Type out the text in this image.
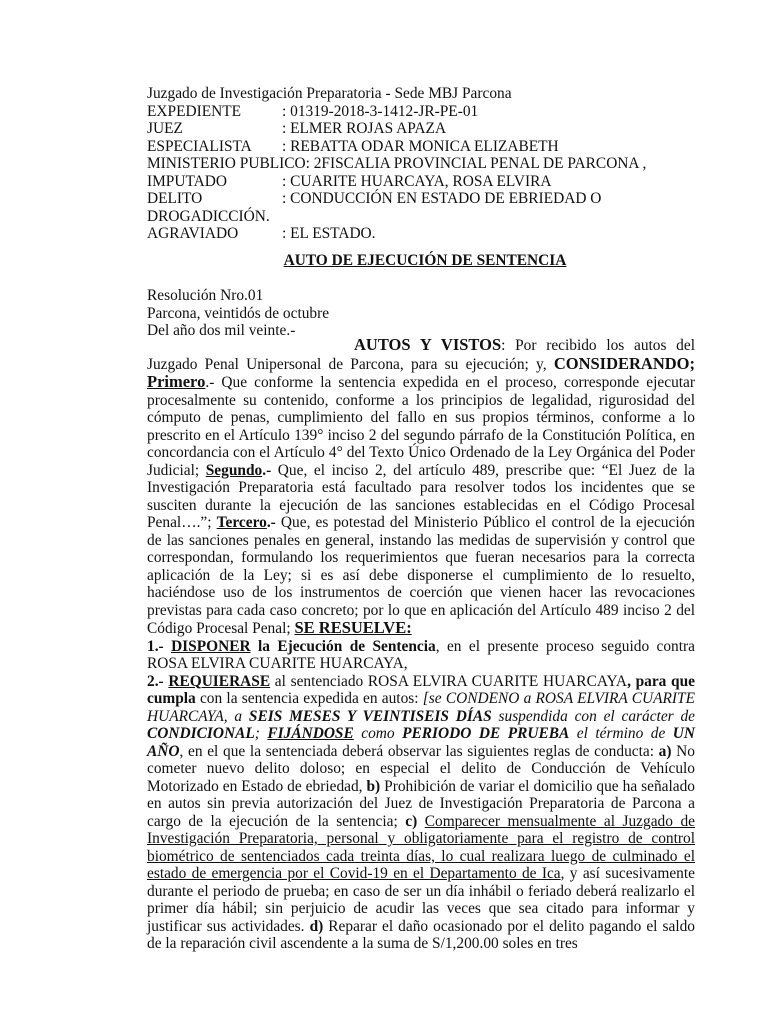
Juzgado de Investigación Preparatoria - Sede MBJ Parcona
EXPEDIENTE	: 01319-2018-3-1412-JR-PE-01
JUEZ	: ELMER ROJAS APAZA
ESPECIALISTA	: REBATTA ODAR MONICA ELIZABETH
MINISTERIO PUBLICO: 2FISCALIA PROVINCIAL PENAL DE PARCONA ,
IMPUTADO	: CUARITE HUARCAYA, ROSA ELVIRA
DELITO	: CONDUCCIÓN EN ESTADO DE EBRIEDAD O
DROGADICCIÓN.
AGRAVIADO	: EL ESTADO.
AUTO DE EJECUCIÓN DE SENTENCIA
Resolución Nro.01
Parcona, veintidós de octubre
Del año dos mil veinte.-

AUTOS Y VISTOS: Por recibido los autos del Juzgado Penal Unipersonal de Parcona, para su ejecución; y, CONSIDERANDO; Primero.- Que conforme la sentencia expedida en el proceso, corresponde ejecutar procesalmente su contenido, conforme a los principios de legalidad, rigurosidad del cómputo de penas, cumplimiento del fallo en sus propios términos, conforme a lo prescrito en el Artículo 139° inciso 2 del segundo párrafo de la Constitución Política, en concordancia con el Artículo 4° del Texto Único Ordenado de la Ley Orgánica del Poder Judicial; Segundo.- Que, el inciso 2, del artículo 489, prescribe que: “El Juez de la Investigación Preparatoria está facultado para resolver todos los incidentes que se susciten durante la ejecución de las sanciones establecidas en el Código Procesal Penal….”; Tercero.- Que, es potestad del Ministerio Público el control de la ejecución de las sanciones penales en general, instando las medidas de supervisión y control que correspondan, formulando los requerimientos que fueran necesarios para la correcta aplicación de la Ley; si es así debe disponerse el cumplimiento de lo resuelto, haciéndose uso de los instrumentos de coerción que vienen hacer las revocaciones previstas para cada caso concreto; por lo que en aplicación del Artículo 489 inciso 2 del Código Procesal Penal; SE RESUELVE:

1.- DISPONER la Ejecución de Sentencia, en el presente proceso seguido contra ROSA ELVIRA CUARITE HUARCAYA,

2.- REQUIERASE al sentenciado ROSA ELVIRA CUARITE HUARCAYA, para que cumpla con la sentencia expedida en autos: [se CONDENO a ROSA ELVIRA CUARITE HUARCAYA, a SEIS MESES Y VEINTISEIS DÍAS suspendida con el carácter de CONDICIONAL; FIJÁNDOSE como PERIODO DE PRUEBA el término de UN AÑO, en el que la sentenciada deberá observar las siguientes reglas de conducta: a) No cometer nuevo delito doloso; en especial el delito de Conducción de Vehículo Motorizado en Estado de ebriedad, b) Prohibición de variar el domicilio que ha señalado en autos sin previa autorización del Juez de Investigación Preparatoria de Parcona a cargo de la ejecución de la sentencia; c) Comparecer mensualmente al Juzgado de Investigación Preparatoria, personal y obligatoriamente para el registro de control biométrico de sentenciados cada treinta días, lo cual realizara luego de culminado el estado de emergencia por el Covid-19 en el Departamento de Ica, y así sucesivamente durante el periodo de prueba; en caso de ser un día inhábil o feriado deberá realizarlo el primer día hábil; sin perjuicio de acudir las veces que sea citado para informar y justificar sus actividades. d) Reparar el daño ocasionado por el delito pagando el saldo de la reparación civil ascendente a la suma de S/1,200.00 soles en tres
